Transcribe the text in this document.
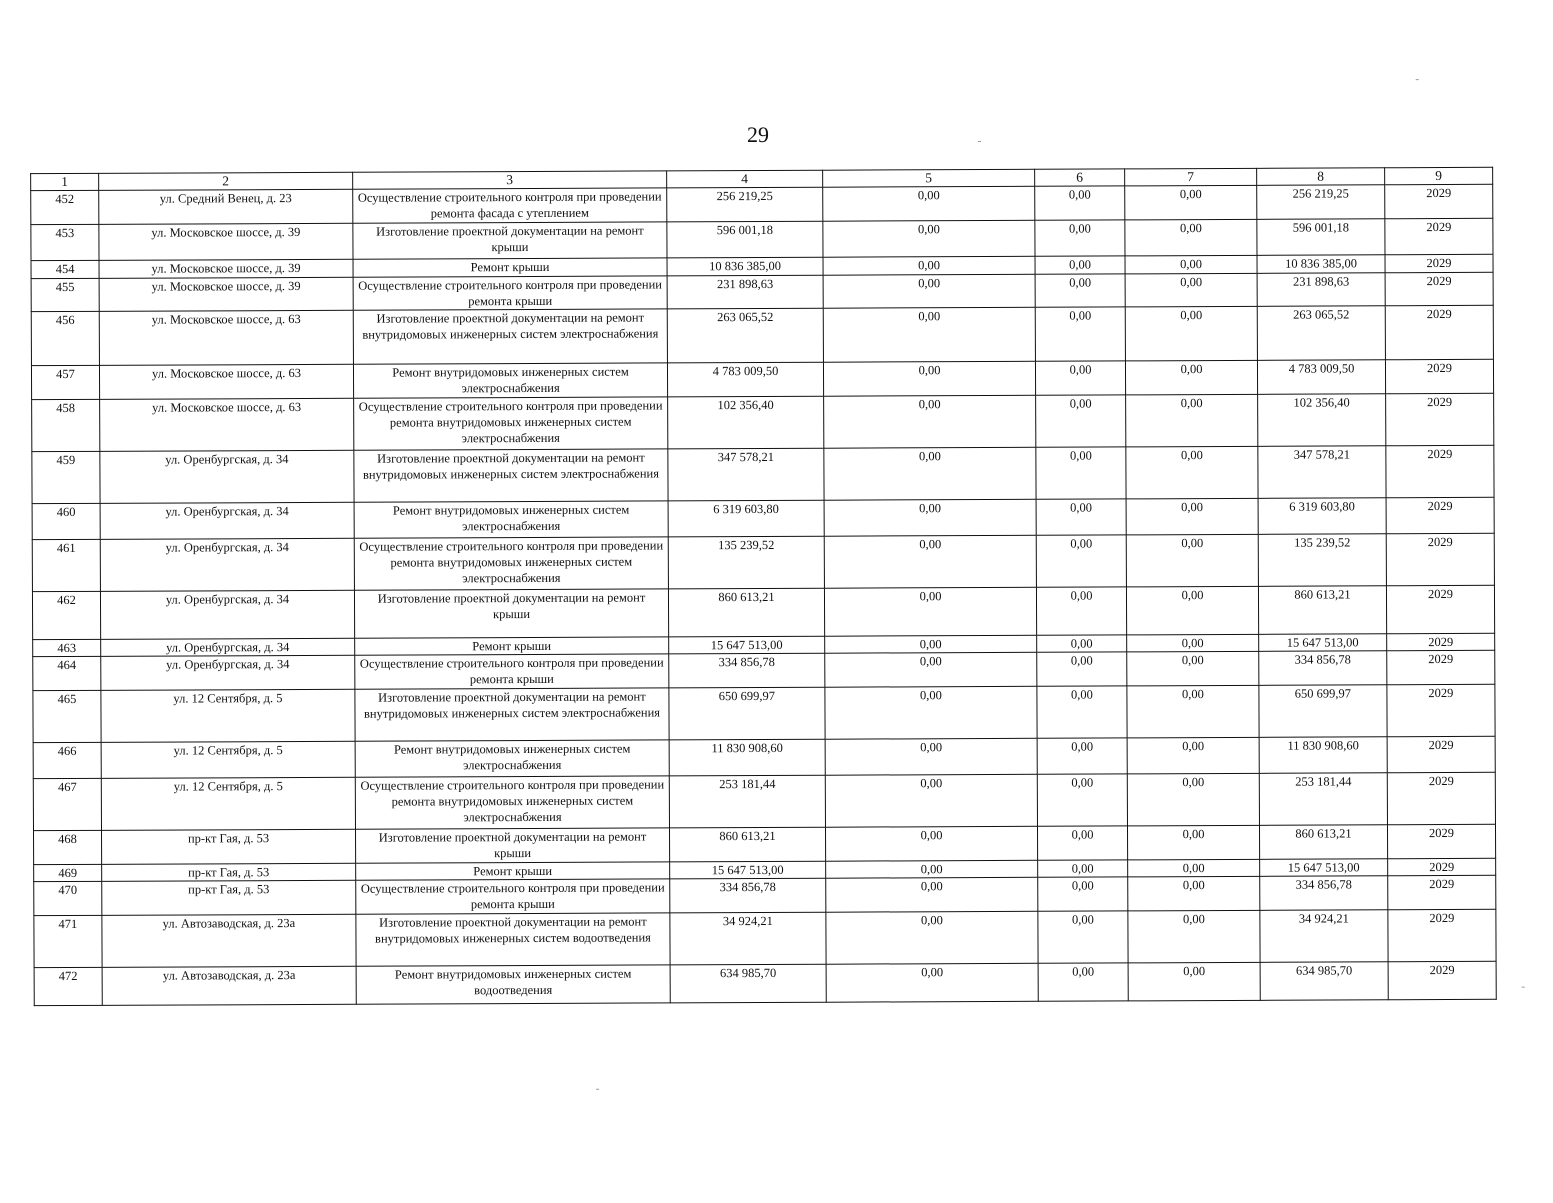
29
1	2	3	4	5	6	7	8	9
452	ул. Средний Венец, д. 23	Осуществление строительного контроля при проведении ремонта фасада с утеплением	256 219,25	0,00	0,00	0,00	256 219,25	2029
453	ул. Московское шоссе, д. 39	Изготовление проектной документации на ремонт крыши	596 001,18	0,00	0,00	0,00	596 001,18	2029
454	ул. Московское шоссе, д. 39	Ремонт крыши	10 836 385,00	0,00	0,00	0,00	10 836 385,00	2029
455	ул. Московское шоссе, д. 39	Осуществление строительного контроля при проведении ремонта крыши	231 898,63	0,00	0,00	0,00	231 898,63	2029
456	ул. Московское шоссе, д. 63	Изготовление проектной документации на ремонт внутридомовых инженерных систем электроснабжения	263 065,52	0,00	0,00	0,00	263 065,52	2029
457	ул. Московское шоссе, д. 63	Ремонт внутридомовых инженерных систем электроснабжения	4 783 009,50	0,00	0,00	0,00	4 783 009,50	2029
458	ул. Московское шоссе, д. 63	Осуществление строительного контроля при проведении ремонта внутридомовых инженерных систем электроснабжения	102 356,40	0,00	0,00	0,00	102 356,40	2029
459	ул. Оренбургская, д. 34	Изготовление проектной документации на ремонт внутридомовых инженерных систем электроснабжения	347 578,21	0,00	0,00	0,00	347 578,21	2029
460	ул. Оренбургская, д. 34	Ремонт внутридомовых инженерных систем электроснабжения	6 319 603,80	0,00	0,00	0,00	6 319 603,80	2029
461	ул. Оренбургская, д. 34	Осуществление строительного контроля при проведении ремонта внутридомовых инженерных систем электроснабжения	135 239,52	0,00	0,00	0,00	135 239,52	2029
462	ул. Оренбургская, д. 34	Изготовление проектной документации на ремонт крыши	860 613,21	0,00	0,00	0,00	860 613,21	2029
463	ул. Оренбургская, д. 34	Ремонт крыши	15 647 513,00	0,00	0,00	0,00	15 647 513,00	2029
464	ул. Оренбургская, д. 34	Осуществление строительного контроля при проведении ремонта крыши	334 856,78	0,00	0,00	0,00	334 856,78	2029
465	ул. 12 Сентября, д. 5	Изготовление проектной документации на ремонт внутридомовых инженерных систем электроснабжения	650 699,97	0,00	0,00	0,00	650 699,97	2029
466	ул. 12 Сентября, д. 5	Ремонт внутридомовых инженерных систем электроснабжения	11 830 908,60	0,00	0,00	0,00	11 830 908,60	2029
467	ул. 12 Сентября, д. 5	Осуществление строительного контроля при проведении ремонта внутридомовых инженерных систем электроснабжения	253 181,44	0,00	0,00	0,00	253 181,44	2029
468	пр-кт Гая, д. 53	Изготовление проектной документации на ремонт крыши	860 613,21	0,00	0,00	0,00	860 613,21	2029
469	пр-кт Гая, д. 53	Ремонт крыши	15 647 513,00	0,00	0,00	0,00	15 647 513,00	2029
470	пр-кт Гая, д. 53	Осуществление строительного контроля при проведении ремонта крыши	334 856,78	0,00	0,00	0,00	334 856,78	2029
471	ул. Автозаводская, д. 23а	Изготовление проектной документации на ремонт внутридомовых инженерных систем водоотведения	34 924,21	0,00	0,00	0,00	34 924,21	2029
472	ул. Автозаводская, д. 23а	Ремонт внутридомовых инженерных систем водоотведения	634 985,70	0,00	0,00	0,00	634 985,70	2029
